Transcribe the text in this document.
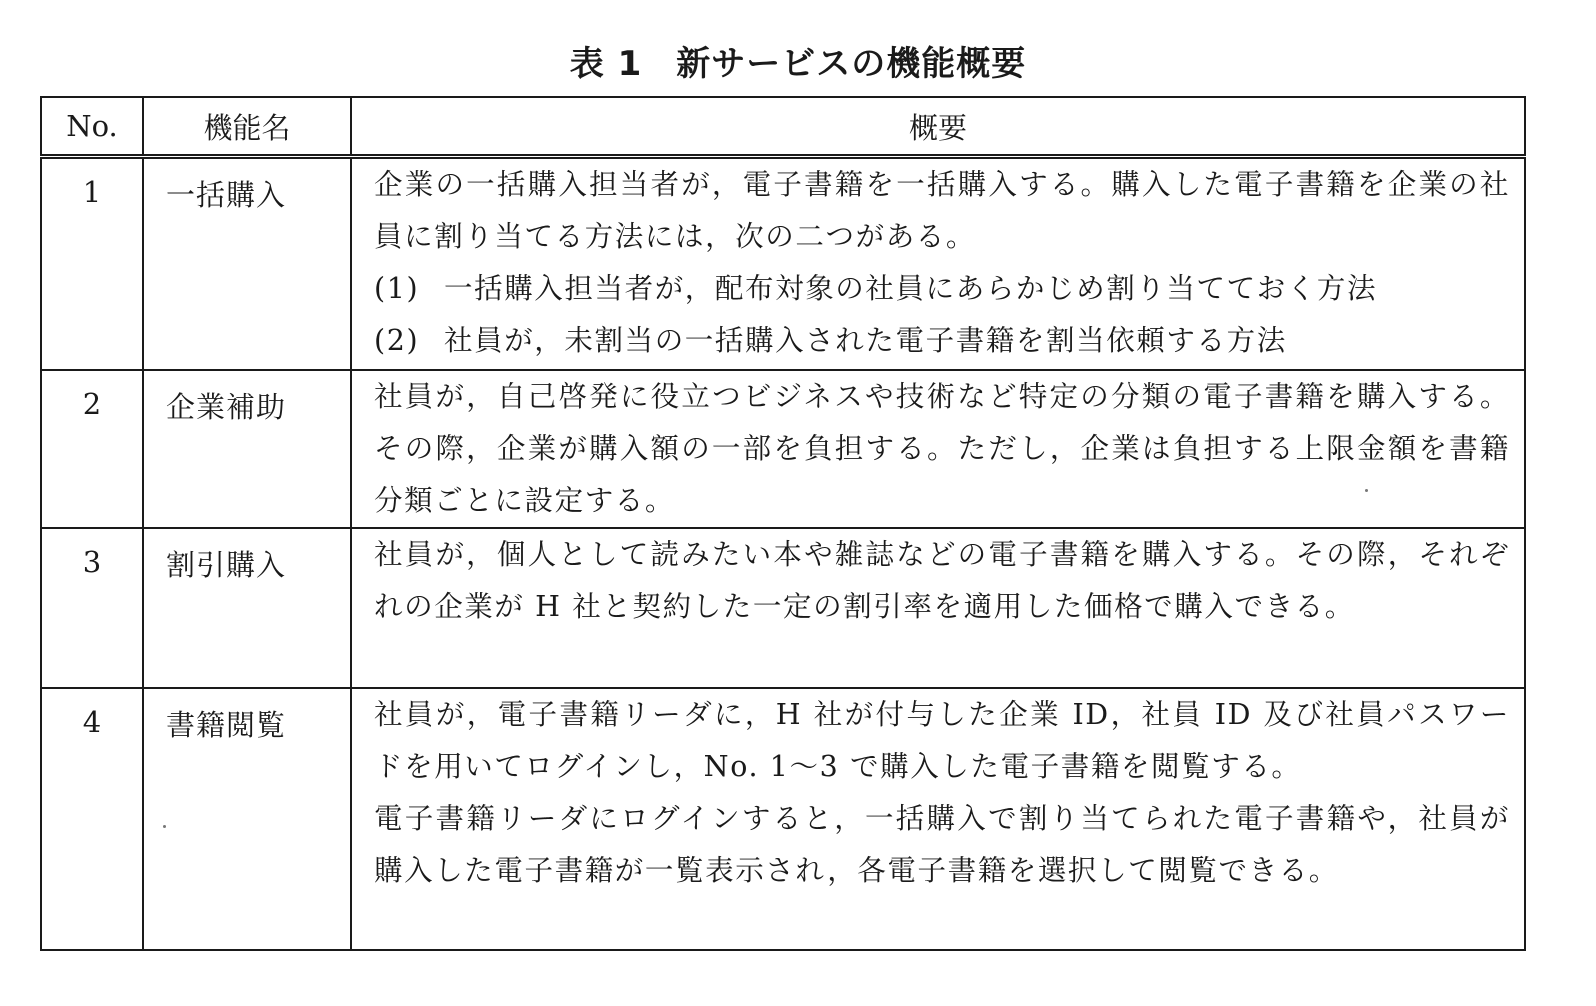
表 1 新サービスの機能概要
No.	機能名	概要
1	一括購入	企業の一括購入担当者が，電子書籍を一括購入する。購入した電子書籍を企業の社員に割り当てる方法には，次の二つがある。
(1) 一括購入担当者が，配布対象の社員にあらかじめ割り当てておく方法
(2) 社員が，未割当の一括購入された電子書籍を割当依頼する方法

2	企業補助	社員が，自己啓発に役立つビジネスや技術など特定の分類の電子書籍を購入する。その際，企業が購入額の一部を負担する。ただし，企業は負担する上限金額を書籍分類ごとに設定する。

3	割引購入	社員が，個人として読みたい本や雑誌などの電子書籍を購入する。その際，それぞれの企業が H 社と契約した一定の割引率を適用した価格で購入できる。

4	書籍閲覧	社員が，電子書籍リーダに，H 社が付与した企業 ID，社員 ID 及び社員パスワードを用いてログインし，No. 1～3 で購入した電子書籍を閲覧する。
電子書籍リーダにログインすると，一括購入で割り当てられた電子書籍や，社員が購入した電子書籍が一覧表示され，各電子書籍を選択して閲覧できる。
